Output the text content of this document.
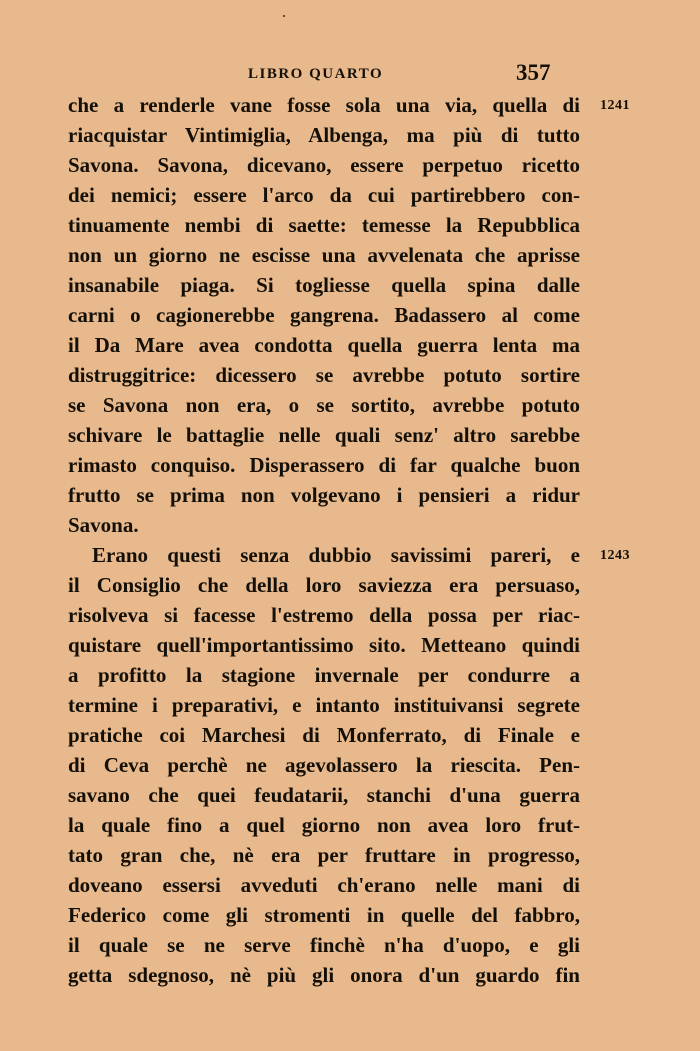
LIBRO QUARTO	357
1241
1243
che a renderle vane fosse sola una via, quella di
riacquistar Vintimiglia, Albenga, ma più di tutto
Savona. Savona, dicevano, essere perpetuo ricetto
dei nemici; essere l'arco da cui partirebbero con-
tinuamente nembi di saette: temesse la Repubblica
non un giorno ne escisse una avvelenata che aprisse
insanabile piaga. Si togliesse quella spina dalle
carni o cagionerebbe gangrena. Badassero al come
il Da Mare avea condotta quella guerra lenta ma
distruggitrice: dicessero se avrebbe potuto sortire
se Savona non era, o se sortito, avrebbe potuto
schivare le battaglie nelle quali senz' altro sarebbe
rimasto conquiso. Disperassero di far qualche buon
frutto se prima non volgevano i pensieri a ridur
Savona.
Erano questi senza dubbio savissimi pareri, e
il Consiglio che della loro saviezza era persuaso,
risolveva si facesse l'estremo della possa per riac-
quistare quell'importantissimo sito. Metteano quindi
a profitto la stagione invernale per condurre a
termine i preparativi, e intanto instituivansi segrete
pratiche coi Marchesi di Monferrato, di Finale e
di Ceva perchè ne agevolassero la riescita. Pen-
savano che quei feudatarii, stanchi d'una guerra
la quale fino a quel giorno non avea loro frut-
tato gran che, nè era per fruttare in progresso,
doveano essersi avveduti ch'erano nelle mani di
Federico come gli stromenti in quelle del fabbro,
il quale se ne serve finchè n'ha d'uopo, e gli
getta sdegnoso, nè più gli onora d'un guardo fin
